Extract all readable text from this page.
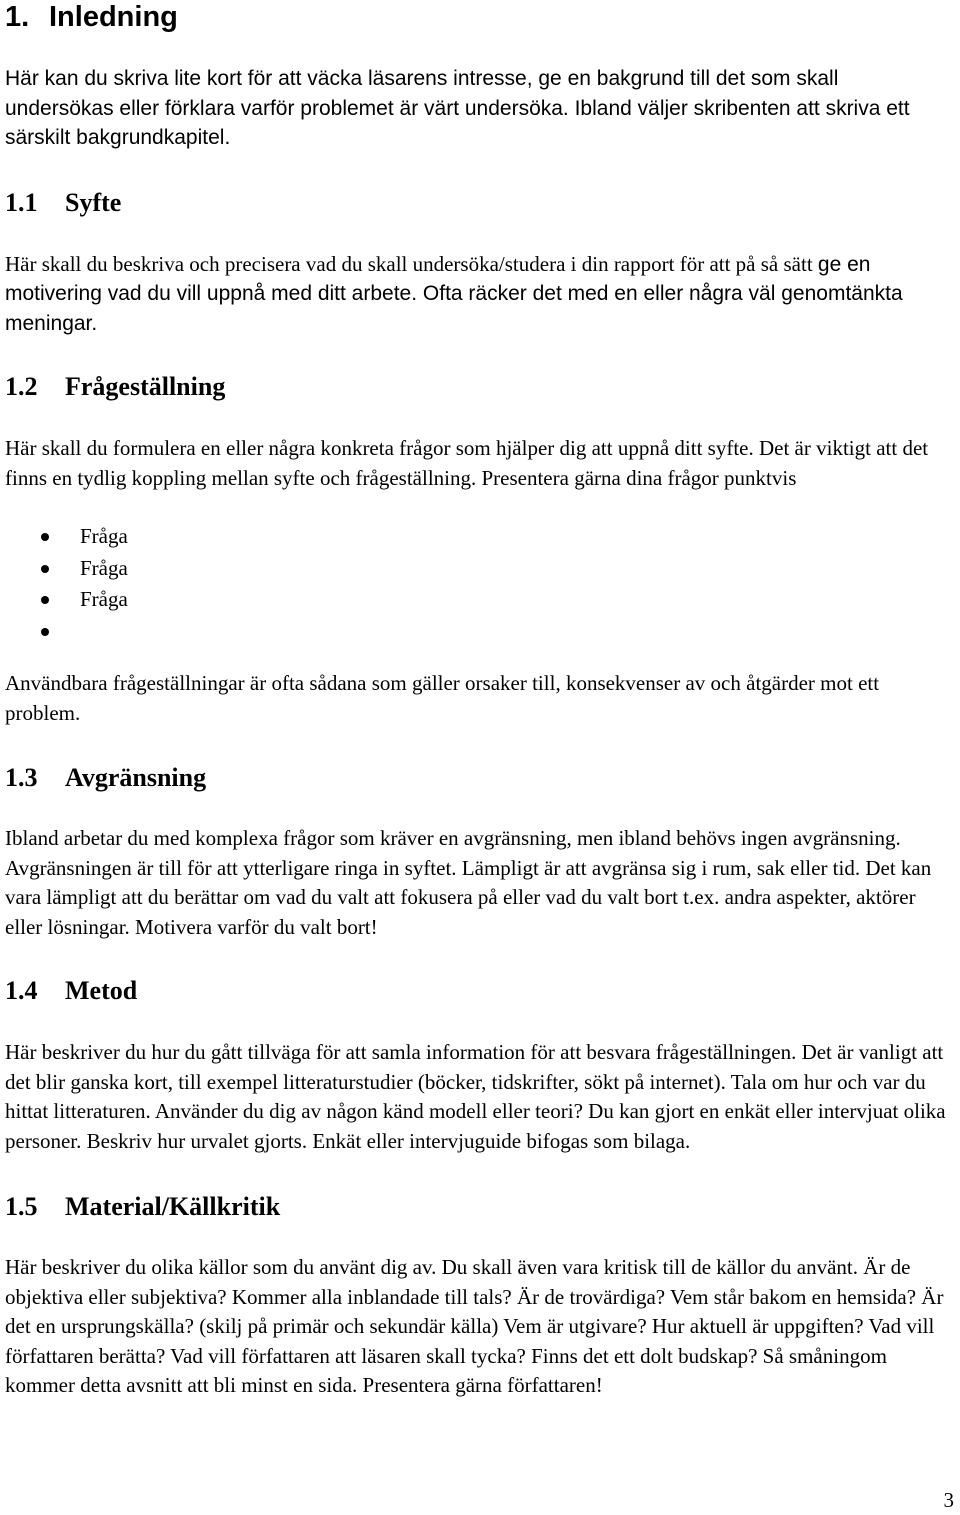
1. Inledning

Här kan du skriva lite kort för att väcka läsarens intresse, ge en bakgrund till det som skall undersökas eller förklara varför problemet är värt undersöka. Ibland väljer skribenten att skriva ett särskilt bakgrundkapitel.

1.1	Syfte

Här skall du beskriva och precisera vad du skall undersöka/studera i din rapport för att på så sätt ge en motivering vad du vill uppnå med ditt arbete. Ofta räcker det med en eller några väl genomtänkta meningar.

1.2	Frågeställning

Här skall du formulera en eller några konkreta frågor som hjälper dig att uppnå ditt syfte. Det är viktigt att det finns en tydlig koppling mellan syfte och frågeställning. Presentera gärna dina frågor punktvis

Fråga
Fråga
Fråga

Användbara frågeställningar är ofta sådana som gäller orsaker till, konsekvenser av och åtgärder mot ett problem.

1.3	Avgränsning

Ibland arbetar du med komplexa frågor som kräver en avgränsning, men ibland behövs ingen avgränsning. Avgränsningen är till för att ytterligare ringa in syftet. Lämpligt är att avgränsa sig i rum, sak eller tid. Det kan vara lämpligt att du berättar om vad du valt att fokusera på eller vad du valt bort t.ex. andra aspekter, aktörer eller lösningar. Motivera varför du valt bort!

1.4	Metod

Här beskriver du hur du gått tillväga för att samla information för att besvara frågeställningen. Det är vanligt att det blir ganska kort, till exempel litteraturstudier (böcker, tidskrifter, sökt på internet). Tala om hur och var du hittat litteraturen. Använder du dig av någon känd modell eller teori? Du kan gjort en enkät eller intervjuat olika personer. Beskriv hur urvalet gjorts. Enkät eller intervjuguide bifogas som bilaga.

1.5	Material/Källkritik

Här beskriver du olika källor som du använt dig av. Du skall även vara kritisk till de källor du använt. Är de objektiva eller subjektiva? Kommer alla inblandade till tals? Är de trovärdiga? Vem står bakom en hemsida? Är det en ursprungskälla? (skilj på primär och sekundär källa) Vem är utgivare? Hur aktuell är uppgiften? Vad vill författaren berätta? Vad vill författaren att läsaren skall tycka? Finns det ett dolt budskap? Så småningom kommer detta avsnitt att bli minst en sida. Presentera gärna författaren!

3
